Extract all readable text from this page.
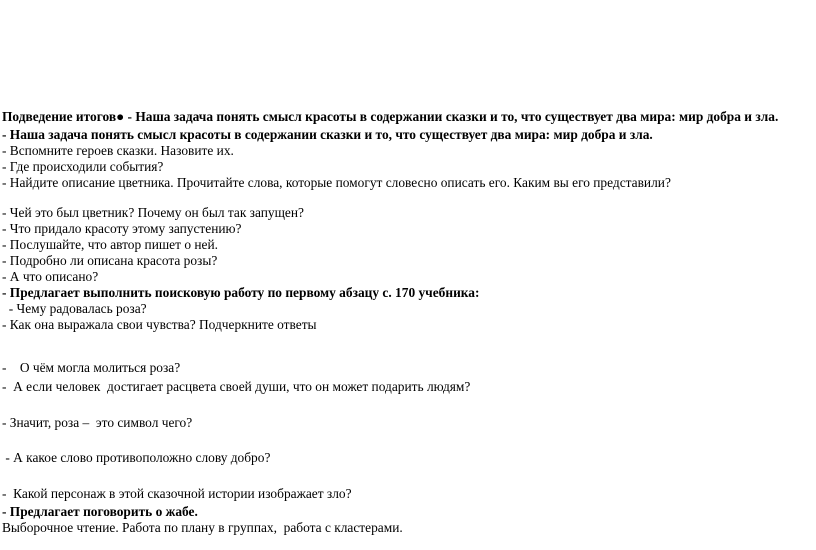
Подведение итогов● - Наша задача понять смысл красоты в содержании сказки и то, что существует два мира: мир добра и зла.
- Наша задача понять смысл красоты в содержании сказки и то, что существует два мира: мир добра и зла.
- Вспомните героев сказки. Назовите их.
- Где происходили события?
- Найдите описание цветника. Прочитайте слова, которые помогут словесно описать его. Каким вы его представили?
- Чей это был цветник? Почему он был так запущен?
- Что придало красоту этому запустению?
- Послушайте, что автор пишет о ней.
- Подробно ли описана красота розы?
- А что описано?
- Предлагает выполнить поисковую работу по первому абзацу с. 170 учебника:
- Чему радовалась роза?
- Как она выражала свои чувства? Подчеркните ответы
-    О чём могла молиться роза?
-  А если человек  достигает расцвета своей души, что он может подарить людям?
- Значит, роза –  это символ чего?
- А какое слово противоположно слову добро?
-  Какой персонаж в этой сказочной истории изображает зло?
- Предлагает поговорить о жабе.
Выборочное чтение. Работа по плану в группах,  работа с кластерами.
